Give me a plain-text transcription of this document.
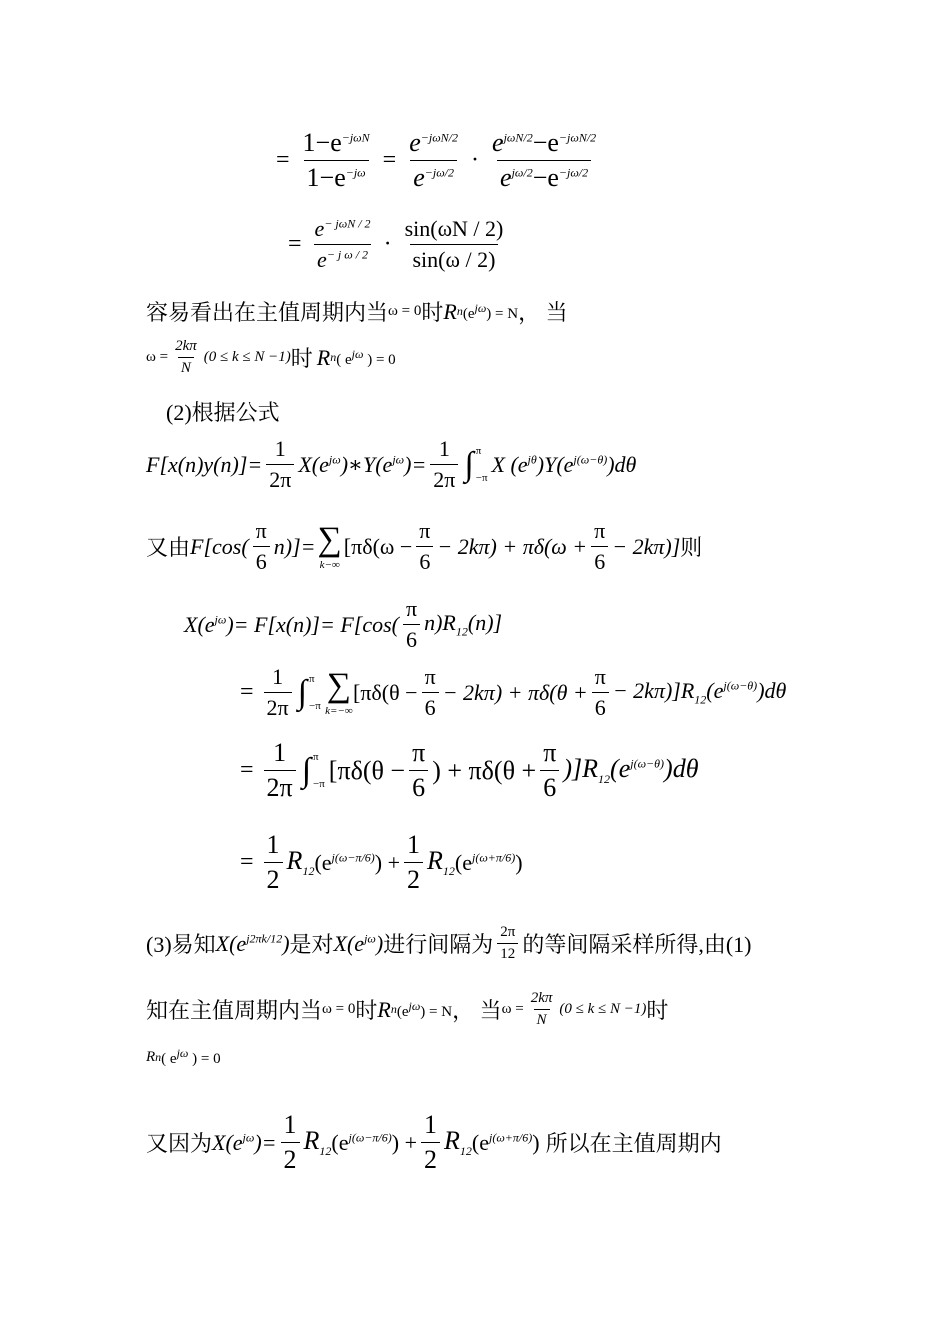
= $\frac{1-e^{-j\omega N}}{1-e^{-j\omega}} = \frac{e^{-j\omega N/2}}{e^{-j\omega/2}} \cdot \frac{e^{j\omega N/2}-e^{-j\omega N/2}}{e^{j\omega/2}-e^{-j\omega/2}}$
= $\frac{e^{- j\omega N / 2}}{e^{- j \omega / 2}} \cdot \frac{\sin(\omega N / 2)}{\sin(\omega / 2)}$
容易看出在主值周期内当 ω = 0 时 R n $(e^{j\omega}) = N$ ， 当
$\omega = \frac{2k\pi}{N} (0 \le k \le N -1)$ 时 R n ( $e^{j\omega}$ ) = 0
(2)根据公式
$F[x(n)y(n)]= \frac{1}{2\pi}$ $X(e^{j\omega})∗Y(e^{j\omega})= \frac{1}{2\pi}$ ∫ π
−π
X $(e^{j\theta})Y(e^{j(\omega-\theta)})d\theta$
又由 $F[\cos( \frac{\pi}{6} n)]=$ ∑
k−∞
$[\pi\delta(\omega - \frac{\pi}{6} - 2k\pi) + \pi\delta(\omega + \frac{\pi}{6} - 2k\pi)]$ 则
$X(e^{j\omega})= F[x(n)]= F[\cos( \frac{\pi}{6} n)R_{12}(n)]$
= $\frac{1}{2\pi}$ ∫ π
−π
∑
k=−∞
$[\pi\delta(\theta - \frac{\pi}{6} - 2k\pi) + \pi\delta(\theta + \frac{\pi}{6} - 2k\pi)]R_{12}(e^{j(\omega-\theta)})d\theta$
= $\frac{1}{2\pi}$ ∫ π
−π [$\pi\delta(\theta - \frac{\pi}{6}$ ) + $\pi\delta(\theta + \frac{\pi}{6} )]R_{12}(e^{j(\omega-\theta)})d\theta$
= $\frac{1}{2} R_{12}$ $(e^{j(\omega-\pi/6)}) + \frac{1}{2} R_{12}$ $(e^{j(\omega+\pi/6)})$
(3)易知 $X(e^{j2\pi k/12})$ 是对 $X(e^{j\omega})$ 进行间隔为 $\frac{2\pi}{12}$ 的等间隔采样所得,由(1)
知在主值周期内当 ω = 0 时 R n $(e^{j\omega}) = N$ ， 当 $\omega = \frac{2k\pi}{N} (0 \le k \le N -1)$ 时
R n ( $e^{j\omega}$ ) = 0
又因为 $X(e^{j\omega})= \frac{1}{2} R_{12}$ $(e^{j(\omega-\pi/6)}) + \frac{1}{2} R_{12}$ $(e^{j(\omega+\pi/6)})$ 所以在主值周期内
